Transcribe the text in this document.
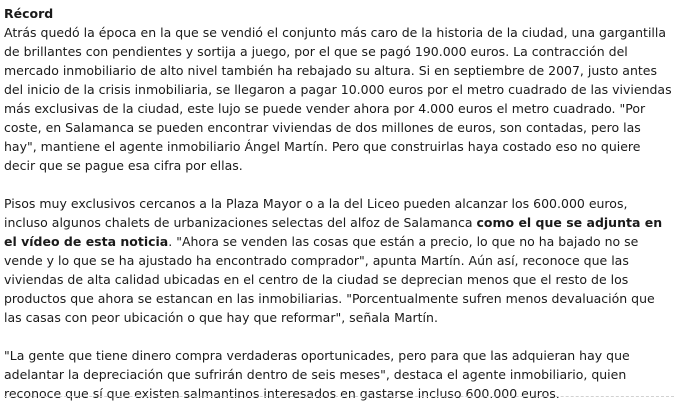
Récord

Atrás quedó la época en la que se vendió el conjunto más caro de la historia de la ciudad, una gargantilla de brillantes con pendientes y sortija a juego, por el que se pagó 190.000 euros. La contracción del mercado inmobiliario de alto nivel también ha rebajado su altura. Si en septiembre de 2007, justo antes del inicio de la crisis inmobiliaria, se llegaron a pagar 10.000 euros por el metro cuadrado de las viviendas más exclusivas de la ciudad, este lujo se puede vender ahora por 4.000 euros el metro cuadrado. "Por coste, en Salamanca se pueden encontrar viviendas de dos millones de euros, son contadas, pero las hay", mantiene el agente inmobiliario Ángel Martín. Pero que construirlas haya costado eso no quiere decir que se pague esa cifra por ellas.

Pisos muy exclusivos cercanos a la Plaza Mayor o a la del Liceo pueden alcanzar los 600.000 euros, incluso algunos chalets de urbanizaciones selectas del alfoz de Salamanca como el que se adjunta en el vídeo de esta noticia. "Ahora se venden las cosas que están a precio, lo que no ha bajado no se vende y lo que se ha ajustado ha encontrado comprador", apunta Martín. Aún así, reconoce que las viviendas de alta calidad ubicadas en el centro de la ciudad se deprecian menos que el resto de los productos que ahora se estancan en las inmobiliarias. "Porcentualmente sufren menos devaluación que las casas con peor ubicación o que hay que reformar", señala Martín.

"La gente que tiene dinero compra verdaderas oportunicades, pero para que las adquieran hay que adelantar la depreciación que sufrirán dentro de seis meses", destaca el agente inmobiliario, quien reconoce que sí que existen salmantinos interesados en gastarse incluso 600.000 euros.
